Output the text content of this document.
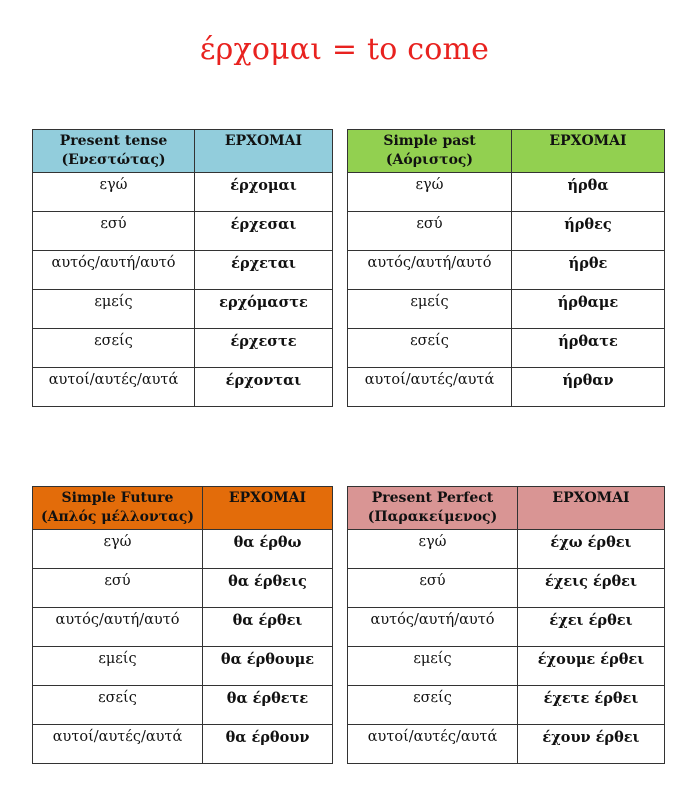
έρχομαι = to come
Present tense
(Ενεστώτας)	ΕΡΧΟΜΑΙ
εγώ	έρχομαι
εσύ	έρχεσαι
αυτός/αυτή/αυτό	έρχεται
εμείς	ερχόμαστε
εσείς	έρχεστε
αυτοί/αυτές/αυτά	έρχονται
Simple past
(Αόριστος)	ΕΡΧΟΜΑΙ
εγώ	ήρθα
εσύ	ήρθες
αυτός/αυτή/αυτό	ήρθε
εμείς	ήρθαμε
εσείς	ήρθατε
αυτοί/αυτές/αυτά	ήρθαν
Simple Future
(Απλός μέλλοντας)	ΕΡΧΟΜΑΙ
εγώ	θα έρθω
εσύ	θα έρθεις
αυτός/αυτή/αυτό	θα έρθει
εμείς	θα έρθουμε
εσείς	θα έρθετε
αυτοί/αυτές/αυτά	θα έρθουν
Present Perfect
(Παρακείμενος)	ΕΡΧΟΜΑΙ
εγώ	έχω έρθει
εσύ	έχεις έρθει
αυτός/αυτή/αυτό	έχει έρθει
εμείς	έχουμε έρθει
εσείς	έχετε έρθει
αυτοί/αυτές/αυτά	έχουν έρθει
